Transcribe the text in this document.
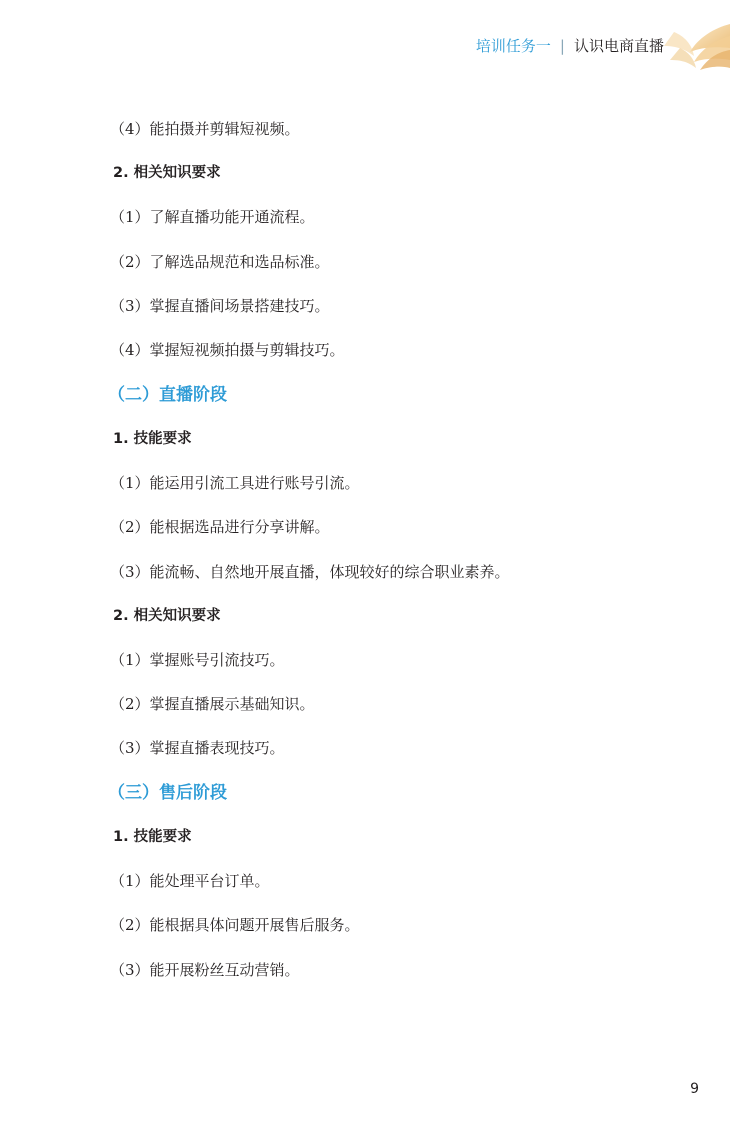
培训任务一 | 认识电商直播
（4）能拍摄并剪辑短视频。
2. 相关知识要求
（1）了解直播功能开通流程。
（2）了解选品规范和选品标准。
（3）掌握直播间场景搭建技巧。
（4）掌握短视频拍摄与剪辑技巧。
（二）直播阶段
1. 技能要求
（1）能运用引流工具进行账号引流。
（2）能根据选品进行分享讲解。
（3）能流畅、自然地开展直播，体现较好的综合职业素养。
2. 相关知识要求
（1）掌握账号引流技巧。
（2）掌握直播展示基础知识。
（3）掌握直播表现技巧。
（三）售后阶段
1. 技能要求
（1）能处理平台订单。
（2）能根据具体问题开展售后服务。
（3）能开展粉丝互动营销。
9
